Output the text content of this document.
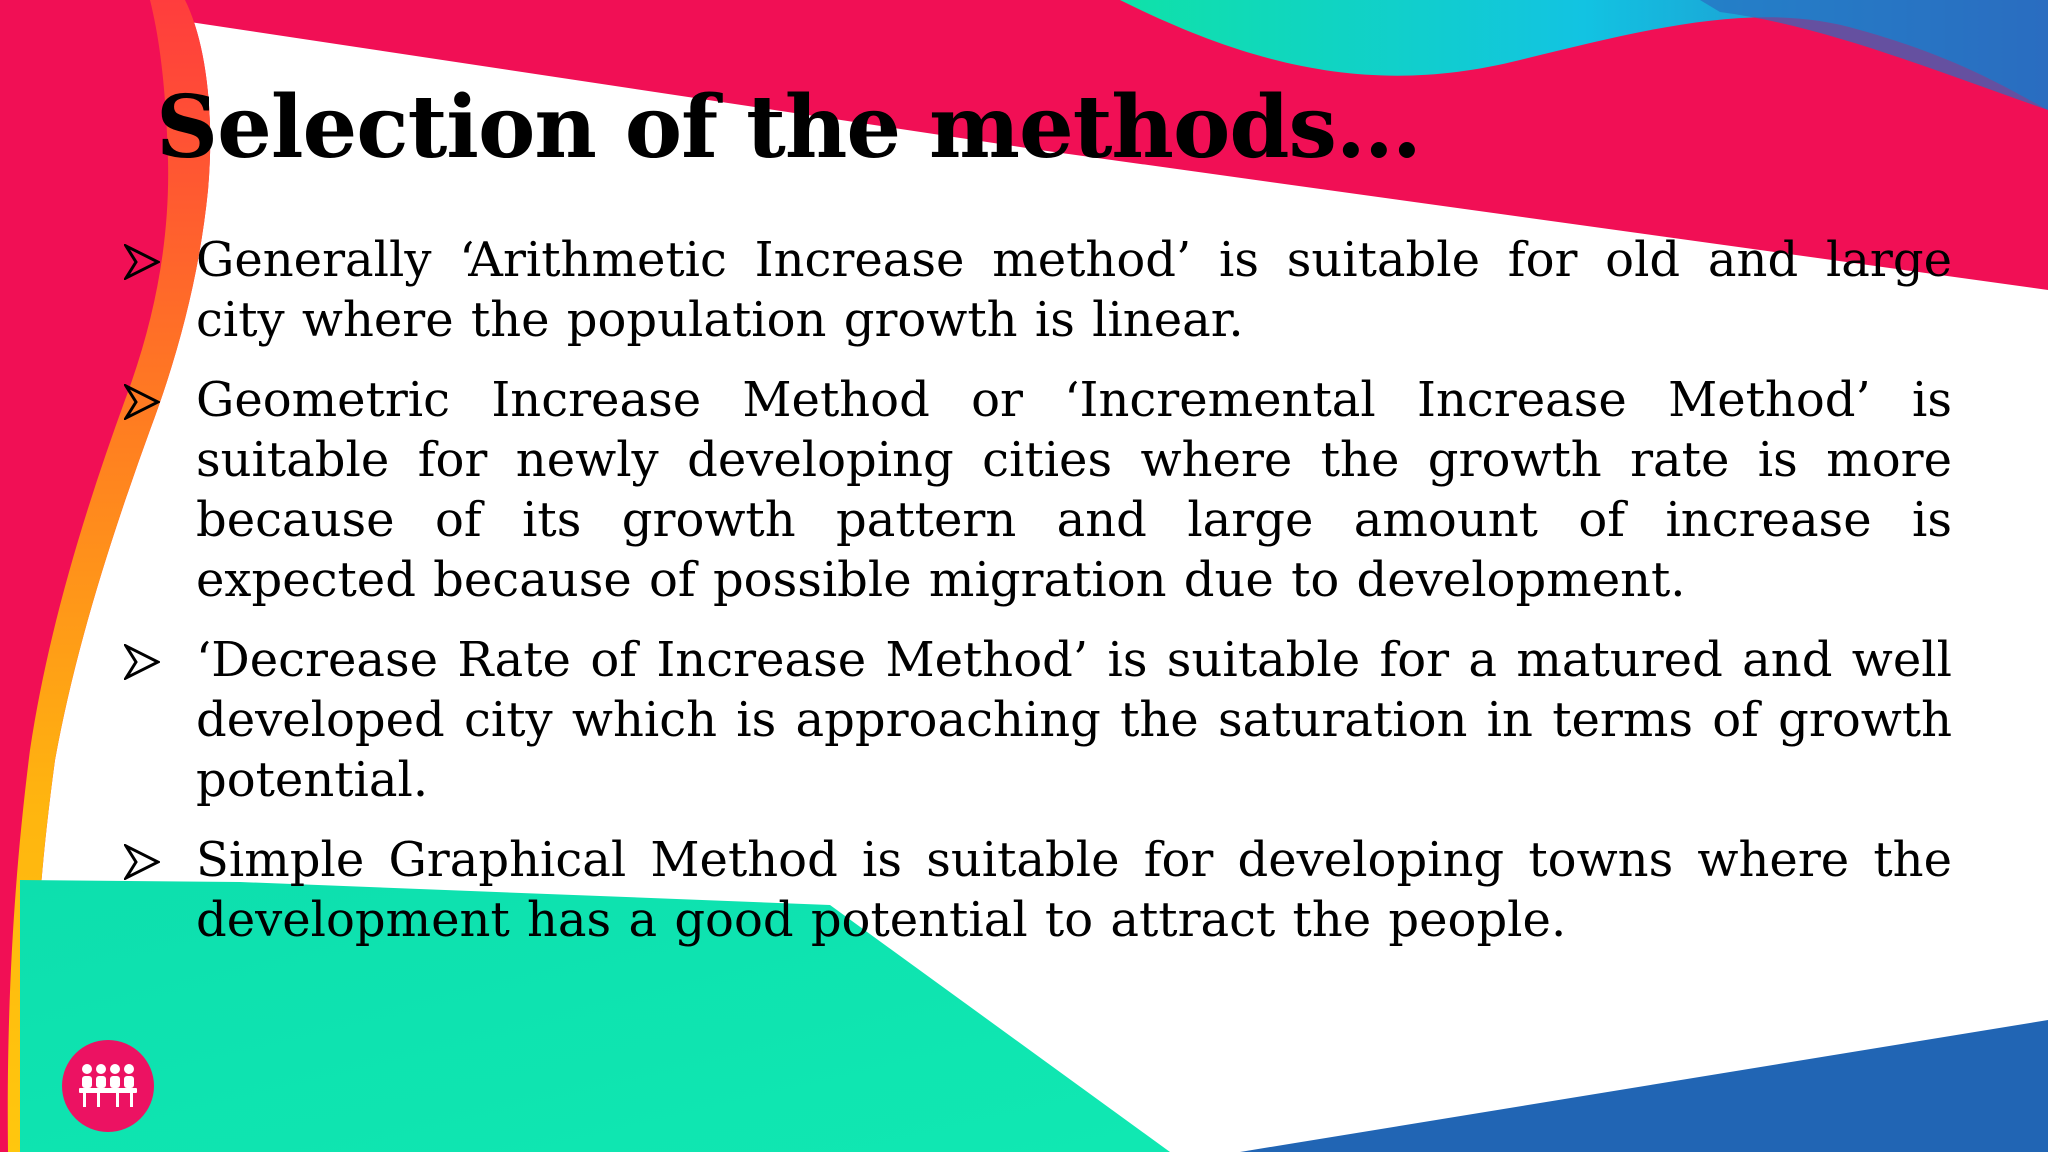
Selection of the methods…
Generally ‘Arithmetic Increase method’ is suitable for old and large city where the population growth is linear.
Geometric Increase Method or ‘Incremental Increase Method’ is suitable for newly developing cities where the growth rate is more because of its growth pattern and large amount of increase is expected because of possible migration due to development.
‘Decrease Rate of Increase Method’ is suitable for a matured and well developed city which is approaching the saturation in terms of growth potential.
Simple Graphical Method is suitable for developing towns where the development has a good potential to attract the people.
